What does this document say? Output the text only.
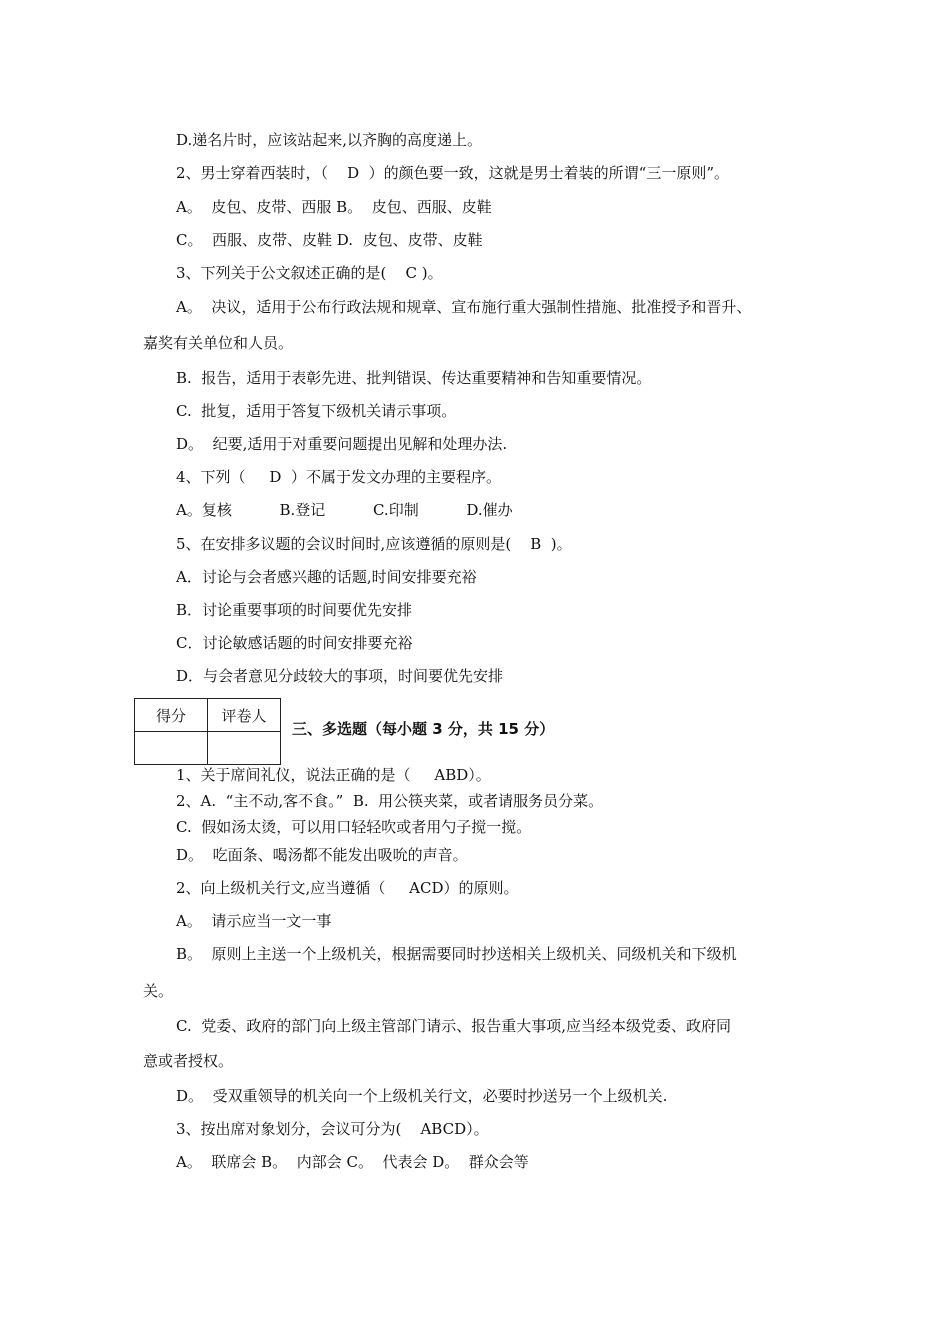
D.递名片时，应该站起来,以齐胸的高度递上。
2、男士穿着西装时，（    D  ）的颜色要一致，这就是男士着装的所谓“三一原则”。
A。  皮包、皮带、西服 B。  皮包、西服、皮鞋
C。  西服、皮带、皮鞋 D.  皮包、皮带、皮鞋
3、下列关于公文叙述正确的是(    C )。
A。  决议，适用于公布行政法规和规章、宣布施行重大强制性措施、批准授予和晋升、
嘉奖有关单位和人员。
B.  报告，适用于表彰先进、批判错误、传达重要精神和告知重要情况。
C.  批复，适用于答复下级机关请示事项。
D。  纪要,适用于对重要问题提出见解和处理办法.
4、下列（     D  ）不属于发文办理的主要程序。
A。复核          B.登记          C.印制          D.催办
5、在安排多议题的会议时间时,应该遵循的原则是(    B  )。
A．讨论与会者感兴趣的话题,时间安排要充裕
B．讨论重要事项的时间要优先安排
C．讨论敏感话题的时间安排要充裕
D．与会者意见分歧较大的事项，时间要优先安排
得分	评卷人

三、多选题（每小题 3 分，共 15 分）
1、关于席间礼仪，说法正确的是（     ABD）。
2、A.  “主不动,客不食。”  B.  用公筷夹菜，或者请服务员分菜。
C.  假如汤太烫，可以用口轻轻吹或者用勺子搅一搅。
D。  吃面条、喝汤都不能发出吸吮的声音。
2、向上级机关行文,应当遵循（     ACD）的原则。
A。  请示应当一文一事
B。  原则上主送一个上级机关，根据需要同时抄送相关上级机关、同级机关和下级机
关。
C.  党委、政府的部门向上级主管部门请示、报告重大事项,应当经本级党委、政府同
意或者授权。
D。  受双重领导的机关向一个上级机关行文，必要时抄送另一个上级机关.
3、按出席对象划分，会议可分为(    ABCD）。
A。  联席会 B。  内部会 C。  代表会 D。  群众会等
